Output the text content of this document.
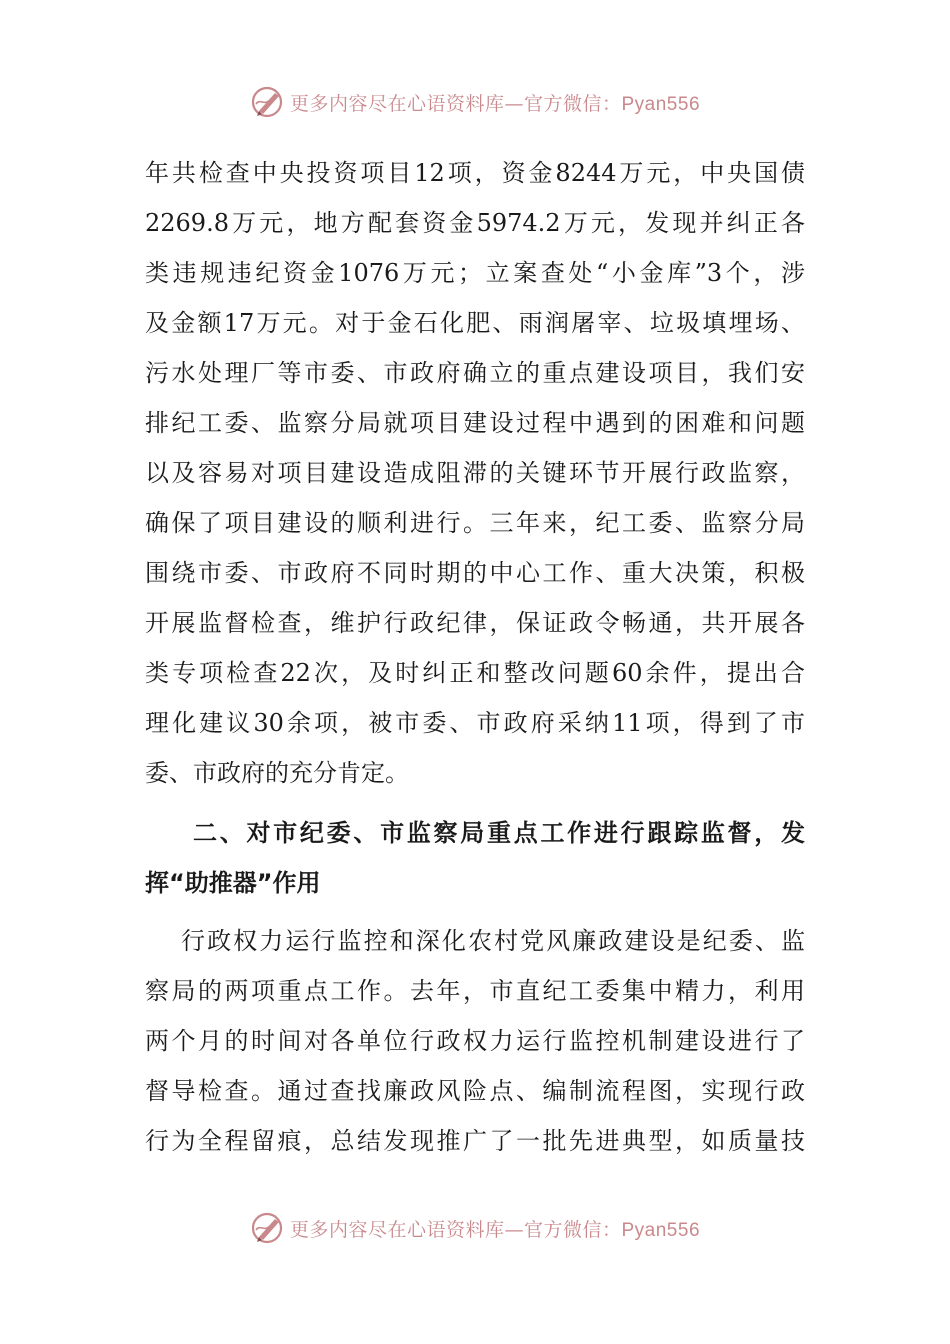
更多内容尽在心语资料库—官方微信：Pyan556
年共检查中央投资项目12项，资金8244万元，中央国债
2269.8万元，地方配套资金5974.2万元，发现并纠正各
类违规违纪资金1076万元；立案查处“小金库”3个，涉
及金额17万元。对于金石化肥、雨润屠宰、垃圾填埋场、
污水处理厂等市委、市政府确立的重点建设项目，我们安
排纪工委、监察分局就项目建设过程中遇到的困难和问题
以及容易对项目建设造成阻滞的关键环节开展行政监察，
确保了项目建设的顺利进行。三年来，纪工委、监察分局
围绕市委、市政府不同时期的中心工作、重大决策，积极
开展监督检查，维护行政纪律，保证政令畅通，共开展各
类专项检查22次，及时纠正和整改问题60余件，提出合
理化建议30余项，被市委、市政府采纳11项，得到了市
委、市政府的充分肯定。
二、对市纪委、市监察局重点工作进行跟踪监督，发
挥“助推器”作用
行政权力运行监控和深化农村党风廉政建设是纪委、监
察局的两项重点工作。去年，市直纪工委集中精力，利用
两个月的时间对各单位行政权力运行监控机制建设进行了
督导检查。通过查找廉政风险点、编制流程图，实现行政
行为全程留痕，总结发现推广了一批先进典型，如质量技
更多内容尽在心语资料库—官方微信：Pyan556
